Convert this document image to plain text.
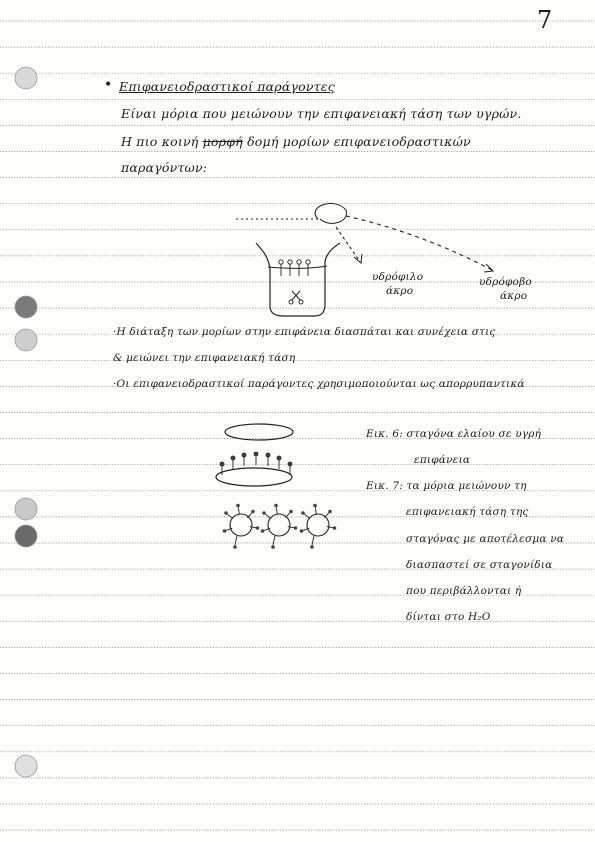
7
• Επιφανειοδραστικοί παράγοντες
Είναι μόρια που μειώνουν την επιφανειακή τάση των υγρών.
Η πιο κοινή μορφή δομή μορίων επιφανειοδραστικών
παραγόντων:
υδρόφιλο
άκρο
υδρόφοβο
άκρο
·Η διάταξη των μορίων στην επιφάνεια διασπάται και συνέχεια στις
& μειώνει την επιφανειακή τάση
·Οι επιφανειοδραστικοί παράγοντες χρησιμοποιούνται ως απορρυπαντικά
Εικ. 6: σταγόνα ελαίου σε υγρή
επιφάνεια
Εικ. 7: τα μόρια μειώνουν τη
επιφανειακή τάση της
σταγόνας με αποτέλεσμα να
διασπαστεί σε σταγονίδια
που περιβάλλονται ή
δίνται στο H₂O
